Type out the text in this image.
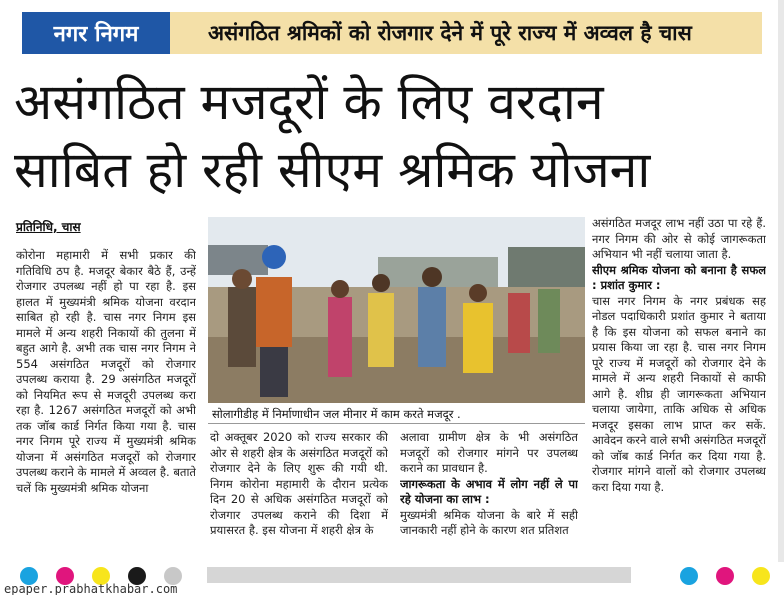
नगर निगम	असंगठित श्रमिकों को रोजगार देने में पूरे राज्य में अव्वल है चास
असंगठित मजदूरों के लिए वरदान
साबित हो रही सीएम श्रमिक योजना
प्रतिनिधि, चास
कोरोना महामारी में सभी प्रकार की गतिविधि ठप है. मजदूर बेकार बैठे हैं, उन्हें रोजगार उपलब्ध नहीं हो पा रहा है. इस हालत में मुख्यमंत्री श्रमिक योजना वरदान साबित हो रही है. चास नगर निगम इस मामले में अन्य शहरी निकायों की तुलना में बहुत आगे है. अभी तक चास नगर निगम ने 554 असंगठित मजदूरों को रोजगार उपलब्ध कराया है. 29 असंगठित मजदूरों को नियमित रूप से मजदूरी उपलब्ध करा रहा है. 1267 असंगठित मजदूरों को अभी तक जॉब कार्ड निर्गत किया गया है. चास नगर निगम पूरे राज्य में मुख्यमंत्री श्रमिक योजना में असंगठित मजदूरों को रोजगार उपलब्ध कराने के मामले में अव्वल है. बताते चलें कि मुख्यमंत्री श्रमिक योजना
सोलागीडीह में निर्माणाधीन जल मीनार में काम करते मजदूर .
दो अक्तूबर 2020 को राज्य सरकार की ओर से शहरी क्षेत्र के असंगठित मजदूरों को रोजगार देने के लिए शुरू की गयी थी. निगम कोरोना महामारी के दौरान प्रत्येक दिन 20 से अधिक असंगठित मजदूरों को रोजगार उपलब्ध कराने की दिशा में प्रयासरत है. इस योजना में शहरी क्षेत्र के
अलावा ग्रामीण क्षेत्र के भी असंगठित मजदूरों को रोजगार मांगने पर उपलब्ध कराने का प्रावधान है.
जागरूकता के अभाव में लोग नहीं ले पा रहे योजना का लाभ :
मुख्यमंत्री श्रमिक योजना के बारे में सही जानकारी नहीं होने के कारण शत प्रतिशत
असंगठित मजदूर लाभ नहीं उठा पा रहे हैं. नगर निगम की ओर से कोई जागरूकता अभियान भी नहीं चलाया जाता है.
सीएम श्रमिक योजना को बनाना है सफल : प्रशांत कुमार :
चास नगर निगम के नगर प्रबंधक सह नोडल पदाधिकारी प्रशांत कुमार ने बताया है कि इस योजना को सफल बनाने का प्रयास किया जा रहा है. चास नगर निगम पूरे राज्य में मजदूरों को रोजगार देने के मामले में अन्य शहरी निकायों से काफी आगे है. शीघ्र ही जागरूकता अभियान चलाया जायेगा, ताकि अधिक से अधिक मजदूर इसका लाभ प्राप्त कर सकें. आवेदन करने वाले सभी असंगठित मजदूरों को जॉब कार्ड निर्गत कर दिया गया है. रोजगार मांगने वालों को रोजगार उपलब्ध करा दिया गया है.
epaper.prabhatkhabar.com
